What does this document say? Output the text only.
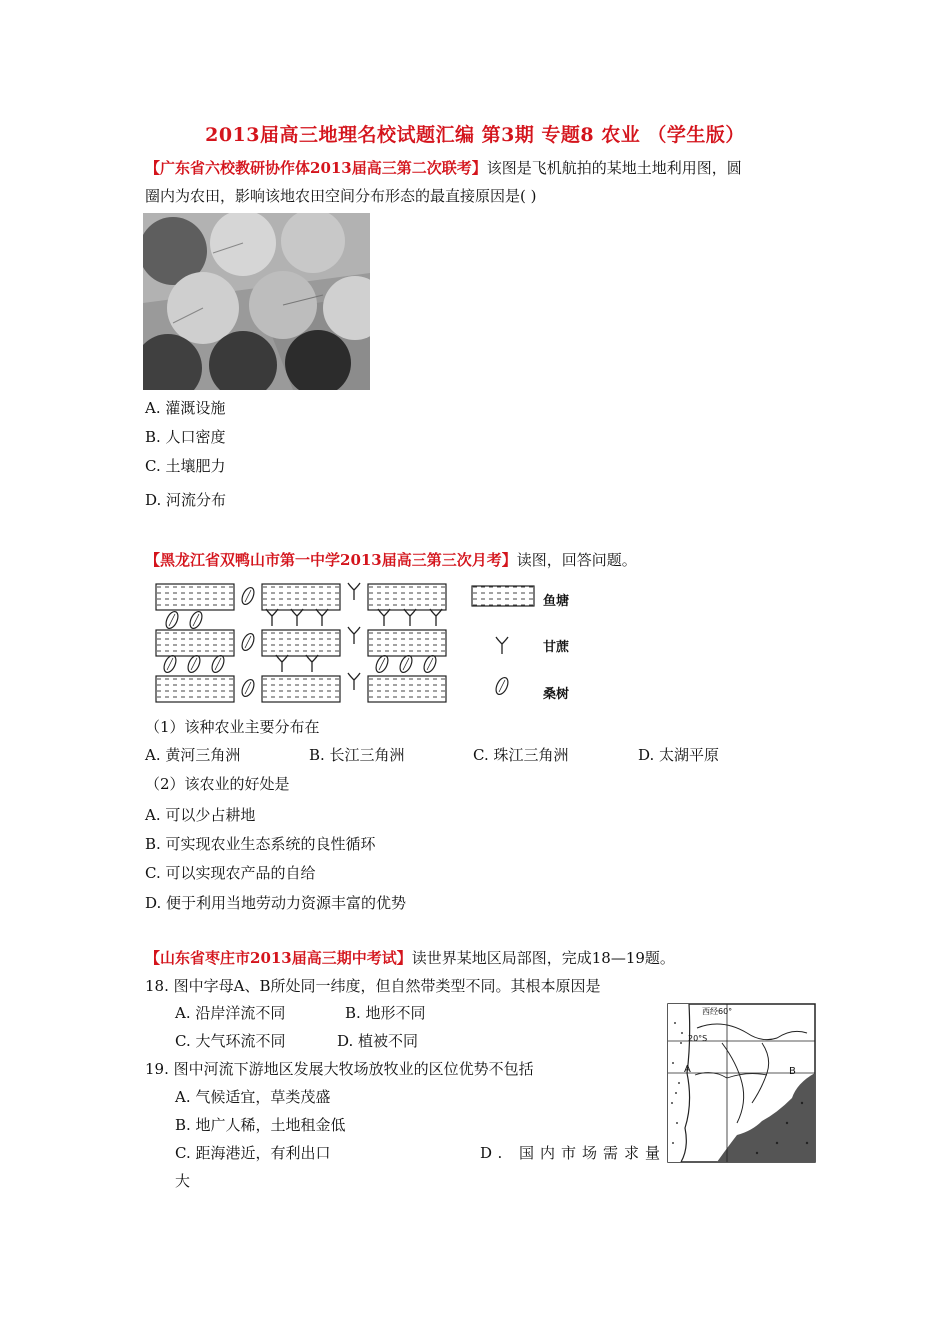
2013届高三地理名校试题汇编 第3期 专题8 农业 （学生版）
【广东省六校教研协作体2013届高三第二次联考】该图是飞机航拍的某地土地利用图，圆
圈内为农田，影响该地农田空间分布形态的最直接原因是( )
A. 灌溉设施
B. 人口密度
C. 土壤肥力
D. 河流分布
【黑龙江省双鸭山市第一中学2013届高三第三次月考】读图，回答问题。
鱼塘
甘蔗
桑树
（1）该种农业主要分布在
A. 黄河三角洲	B. 长江三角洲	C. 珠江三角洲	D. 太湖平原
（2）该农业的好处是
A. 可以少占耕地
B. 可实现农业生态系统的良性循环
C. 可以实现农产品的自给
D. 便于利用当地劳动力资源丰富的优势
【山东省枣庄市2013届高三期中考试】读世界某地区局部图，完成18—19题。
18. 图中字母A、B所处同一纬度，但自然带类型不同。其根本原因是
A. 沿岸洋流不同	B. 地形不同
C. 大气环流不同	D. 植被不同
19. 图中河流下游地区发展大牧场放牧业的区位优势不包括
A. 气候适宜，草类茂盛
B. 地广人稀，土地租金低
C. 距海港近，有利出口	D. 国内市场需求量
大
西经60°
20°S
A	B
